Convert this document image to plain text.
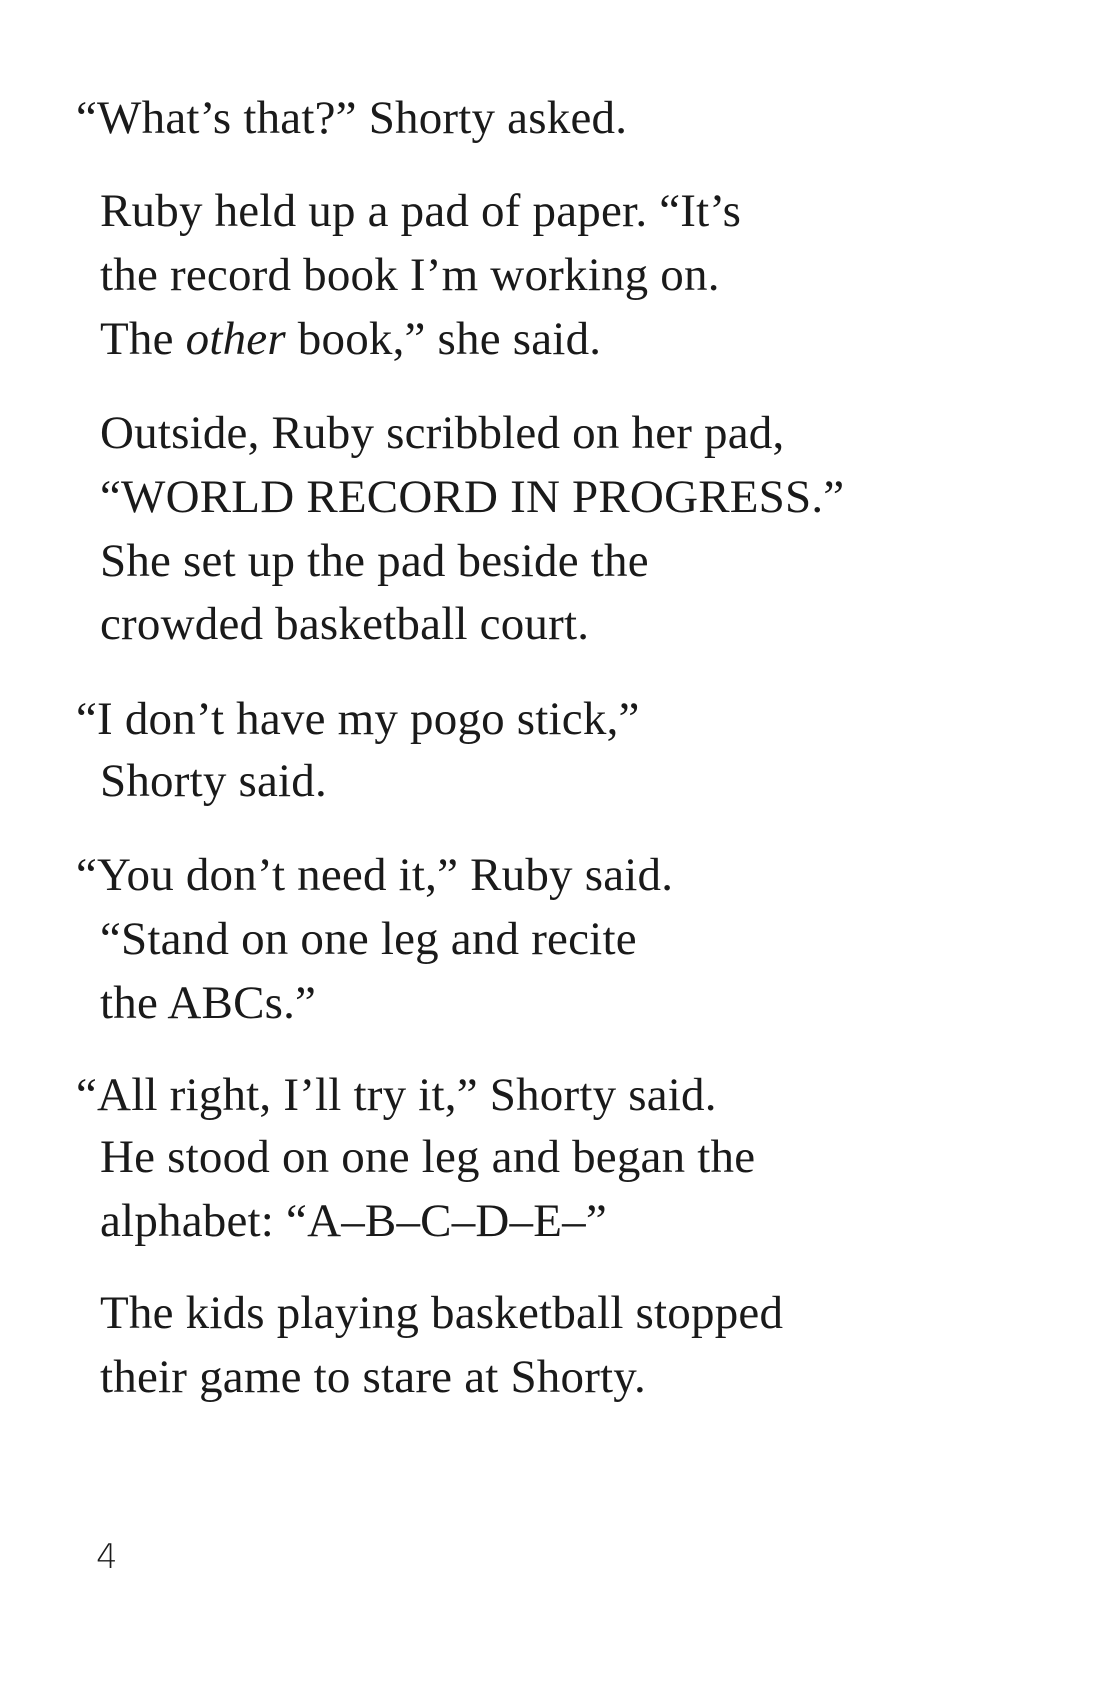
“What’s that?” Shorty asked.
Ruby held up a pad of paper. “It’s
the record book I’m working on.
The other book,” she said.
Outside, Ruby scribbled on her pad,
“WORLD RECORD IN PROGRESS.”
She set up the pad beside the
crowded basketball court.
“I don’t have my pogo stick,”
Shorty said.
“You don’t need it,” Ruby said.
“Stand on one leg and recite
the ABCs.”
“All right, I’ll try it,” Shorty said.
He stood on one leg and began the
alphabet: “A–B–C–D–E–”
The kids playing basketball stopped
their game to stare at Shorty.
4
